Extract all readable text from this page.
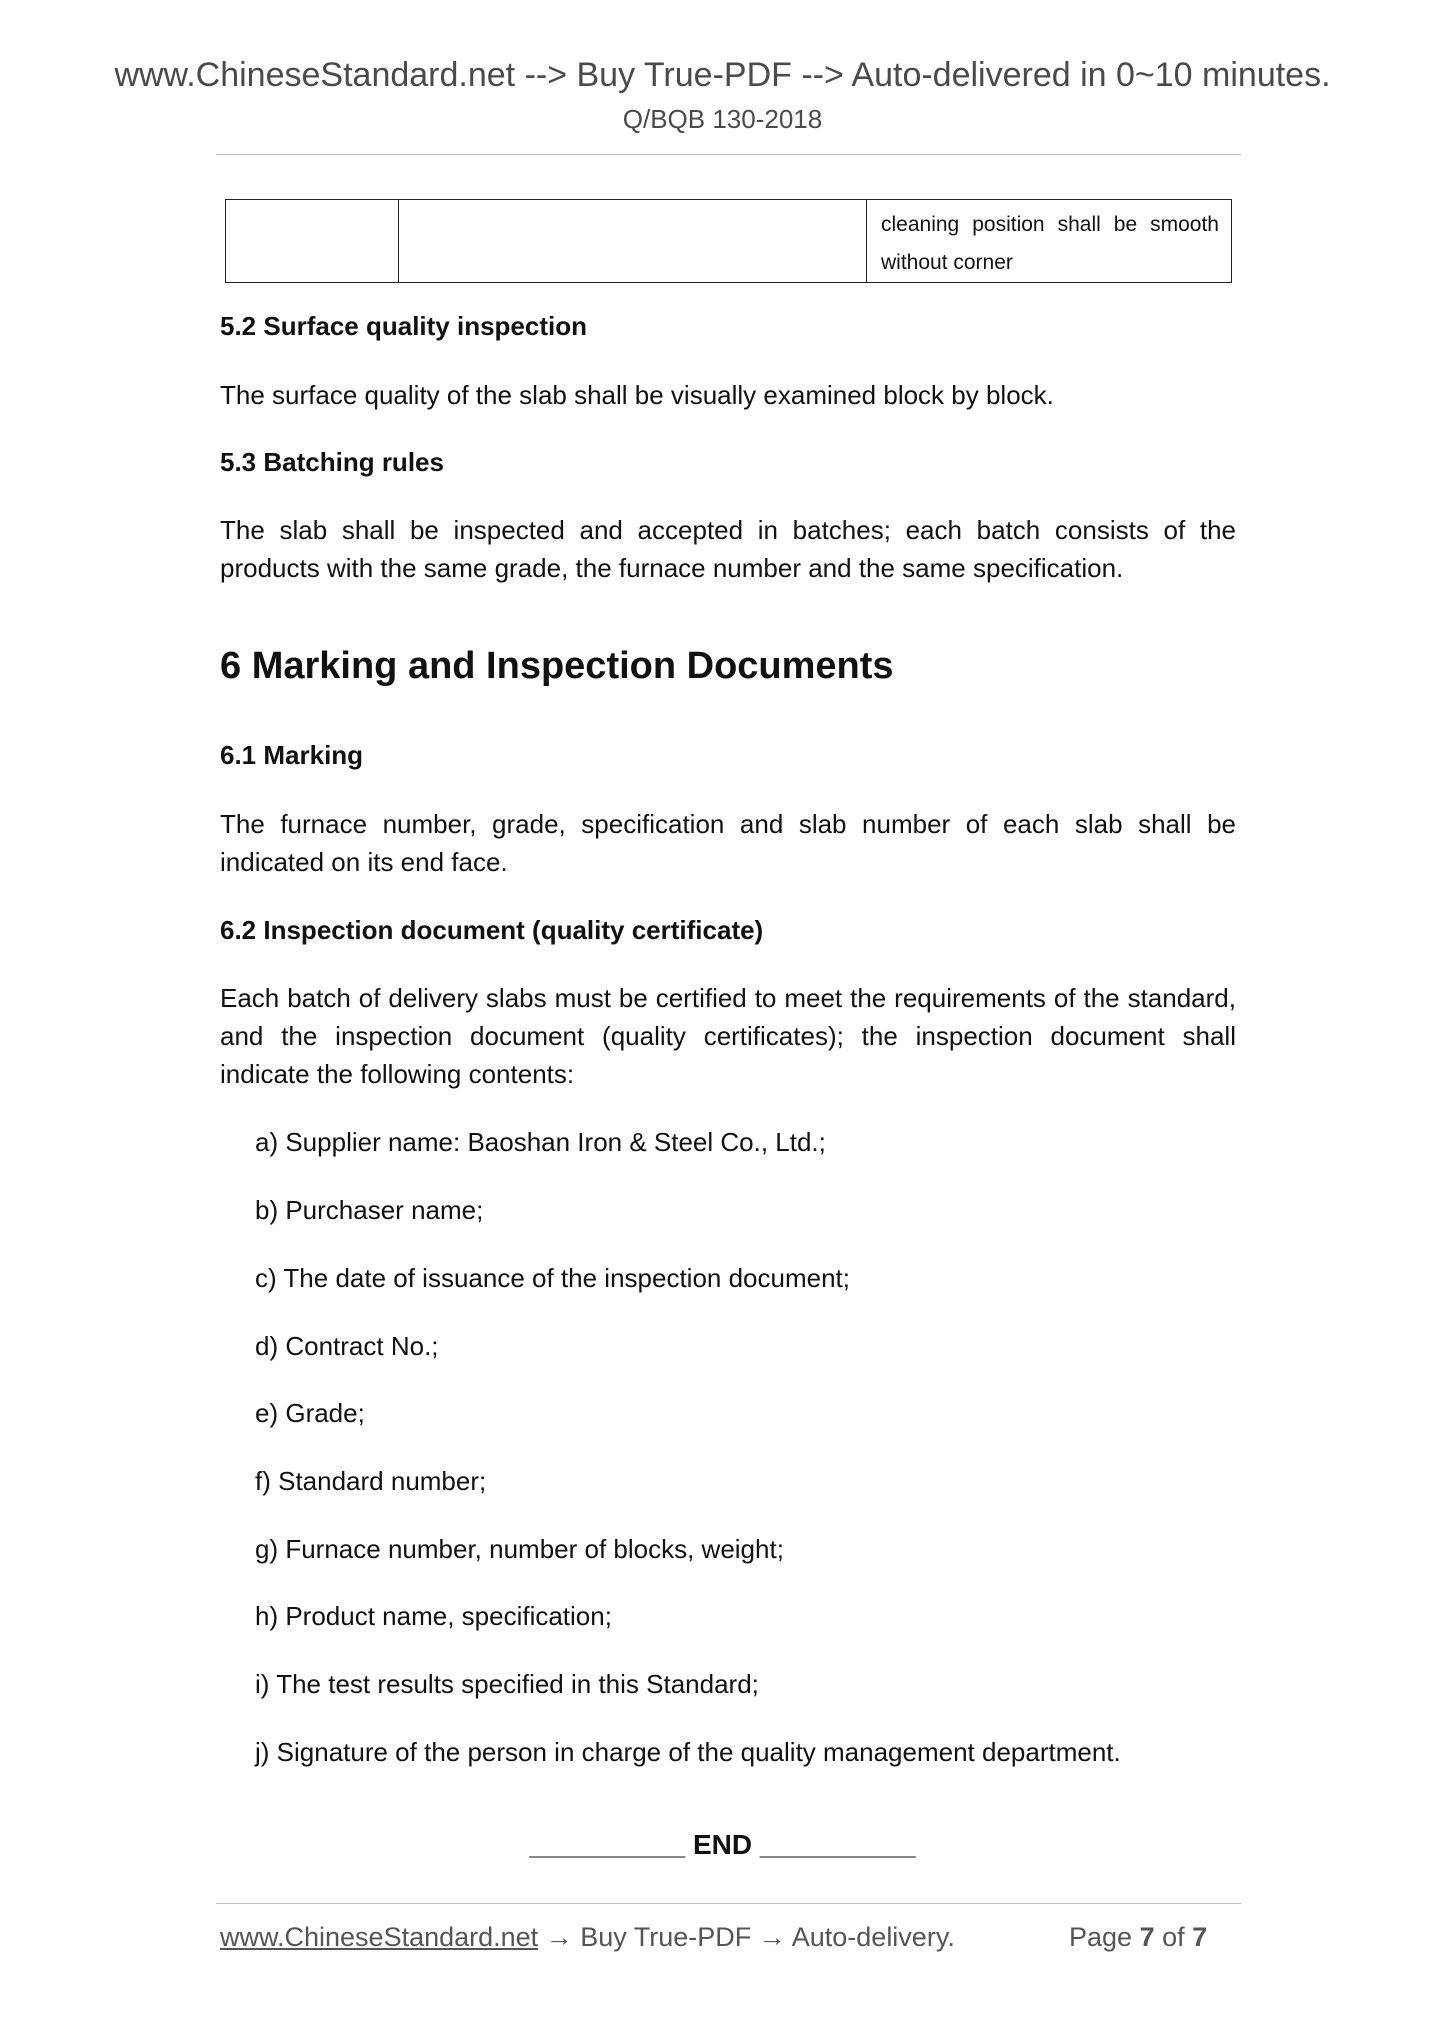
www.ChineseStandard.net --> Buy True-PDF --> Auto-delivered in 0~10 minutes.
Q/BQB 130-2018

cleaning position shall be smooth
without corner
5.2 Surface quality inspection
The surface quality of the slab shall be visually examined block by block.
5.3 Batching rules
The slab shall be inspected and accepted in batches; each batch consists of the
products with the same grade, the furnace number and the same specification.
6 Marking and Inspection Documents
6.1 Marking
The furnace number, grade, specification and slab number of each slab shall be
indicated on its end face.
6.2 Inspection document (quality certificate)
Each batch of delivery slabs must be certified to meet the requirements of the standard,
and the inspection document (quality certificates); the inspection document shall
indicate the following contents:
a) Supplier name: Baoshan Iron & Steel Co., Ltd.;
b) Purchaser name;
c) The date of issuance of the inspection document;
d) Contract No.;
e) Grade;
f) Standard number;
g) Furnace number, number of blocks, weight;
h) Product name, specification;
i) The test results specified in this Standard;
j) Signature of the person in charge of the quality management department.
__________ END __________
www.ChineseStandard.net → Buy True-PDF → Auto-delivery.	Page 7 of 7
